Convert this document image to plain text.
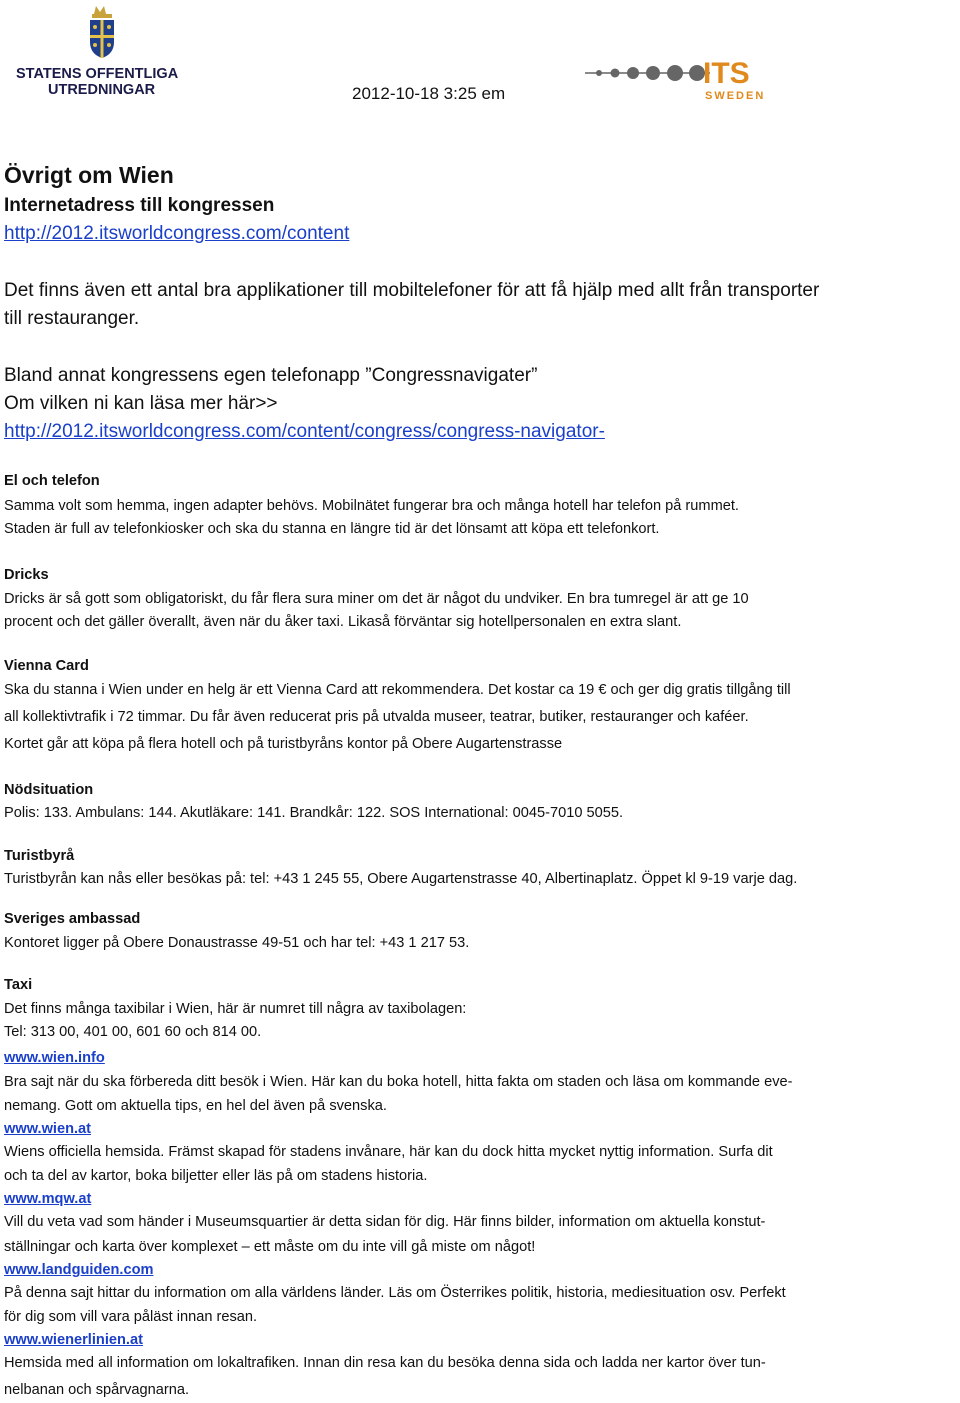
STATENS OFFENTLIGA
UTREDNINGAR	2012-10-18 3:25 em
ITS
SWEDEN
Övrigt om Wien
Internetadress till kongressen
http://2012.itsworldcongress.com/content
Det finns även ett antal bra applikationer till mobiltelefoner för att få hjälp med allt från transporter
till restauranger.
Bland annat kongressens egen telefonapp ”Congressnavigater”
Om vilken ni kan läsa mer här>>
http://2012.itsworldcongress.com/content/congress/congress-navigator-
El och telefon
Samma volt som hemma, ingen adapter behövs. Mobilnätet fungerar bra och många hotell har telefon på rummet.
Staden är full av telefonkiosker och ska du stanna en längre tid är det lönsamt att köpa ett telefonkort.
Dricks
Dricks är så gott som obligatoriskt, du får flera sura miner om det är något du undviker. En bra tumregel är att ge 10
procent och det gäller överallt, även när du åker taxi. Likaså förväntar sig hotellpersonalen en extra slant.
Vienna Card
Ska du stanna i Wien under en helg är ett Vienna Card att rekommendera. Det kostar ca 19 € och ger dig gratis tillgång till
all kollektivtrafik i 72 timmar. Du får även reducerat pris på utvalda museer, teatrar, butiker, restauranger och kaféer.
Kortet går att köpa på flera hotell och på turistbyråns kontor på Obere Augartenstrasse
Nödsituation
Polis: 133. Ambulans: 144. Akutläkare: 141. Brandkår: 122. SOS International: 0045-7010 5055.
Turistbyrå
Turistbyrån kan nås eller besökas på: tel: +43 1 245 55, Obere Augartenstrasse 40, Albertinaplatz. Öppet kl 9-19 varje dag.
Sveriges ambassad
Kontoret ligger på Obere Donaustrasse 49-51 och har tel: +43 1 217 53.
Taxi
Det finns många taxibilar i Wien, här är numret till några av taxibolagen:
Tel: 313 00, 401 00, 601 60 och 814 00.
www.wien.info
Bra sajt när du ska förbereda ditt besök i Wien. Här kan du boka hotell, hitta fakta om staden och läsa om kommande eve-
nemang. Gott om aktuella tips, en hel del även på svenska.
www.wien.at
Wiens officiella hemsida. Främst skapad för stadens invånare, här kan du dock hitta mycket nyttig information. Surfa dit
och ta del av kartor, boka biljetter eller läs på om stadens historia.
www.mqw.at
Vill du veta vad som händer i Museumsquartier är detta sidan för dig. Här finns bilder, information om aktuella konstut-
ställningar och karta över komplexet – ett måste om du inte vill gå miste om något!
www.landguiden.com
På denna sajt hittar du information om alla världens länder. Läs om Österrikes politik, historia, mediesituation osv. Perfekt
för dig som vill vara påläst innan resan.
www.wienerlinien.at
Hemsida med all information om lokaltrafiken. Innan din resa kan du besöka denna sida och ladda ner kartor över tun-
nelbanan och spårvagnarna.
